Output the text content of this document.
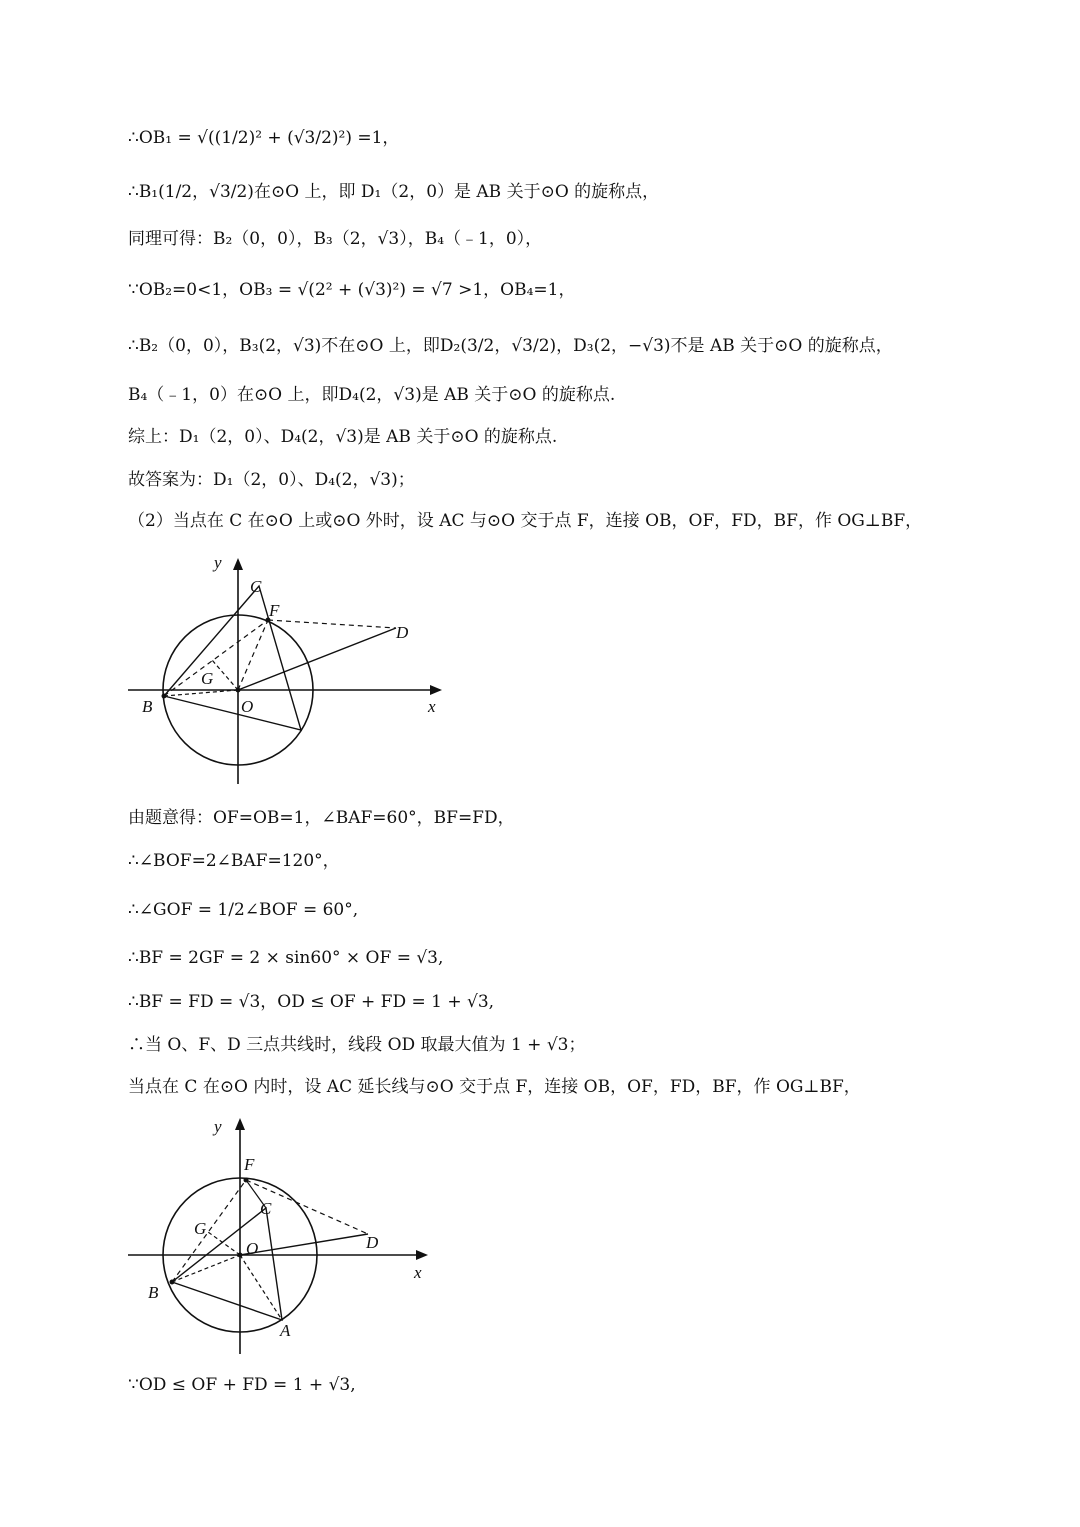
∴OB₁ = √((1/2)² + (√3/2)²) =1，
∴B₁(1/2，√3/2)在⊙O 上，即 D₁（2，0）是 AB 关于⊙O 的旋称点，
同理可得：B₂（0，0），B₃（2，√3），B₄（﹣1，0），
∵OB₂=0<1，OB₃ = √(2² + (√3)²) = √7 >1，OB₄=1，
∴B₂（0，0），B₃(2，√3)不在⊙O 上，即D₂(3/2，√3/2)，D₃(2，−√3)不是 AB 关于⊙O 的旋称点，
B₄（﹣1，0）在⊙O 上，即D₄(2，√3)是 AB 关于⊙O 的旋称点.
综上：D₁（2，0）、D₄(2，√3)是 AB 关于⊙O 的旋称点.
故答案为：D₁（2，0）、D₄(2，√3)；
（2）当点在 C 在⊙O 上或⊙O 外时，设 AC 与⊙O 交于点 F，连接 OB，OF，FD，BF，作 OG⊥BF，
y
x
C
F
D
G
B	O
由题意得：OF=OB=1，∠BAF=60°，BF=FD，
∴∠BOF=2∠BAF=120°，
∴∠GOF = 1/2∠BOF = 60°,
∴BF = 2GF = 2 × sin60° × OF = √3,
∴BF = FD = √3，OD ≤ OF + FD = 1 + √3,
∴当 O、F、D 三点共线时，线段 OD 取最大值为 1 + √3；
当点在 C 在⊙O 内时，设 AC 延长线与⊙O 交于点 F，连接 OB，OF，FD，BF，作 OG⊥BF，
y
x
F
C
G
O	D
B
A
∵OD ≤ OF + FD = 1 + √3,
